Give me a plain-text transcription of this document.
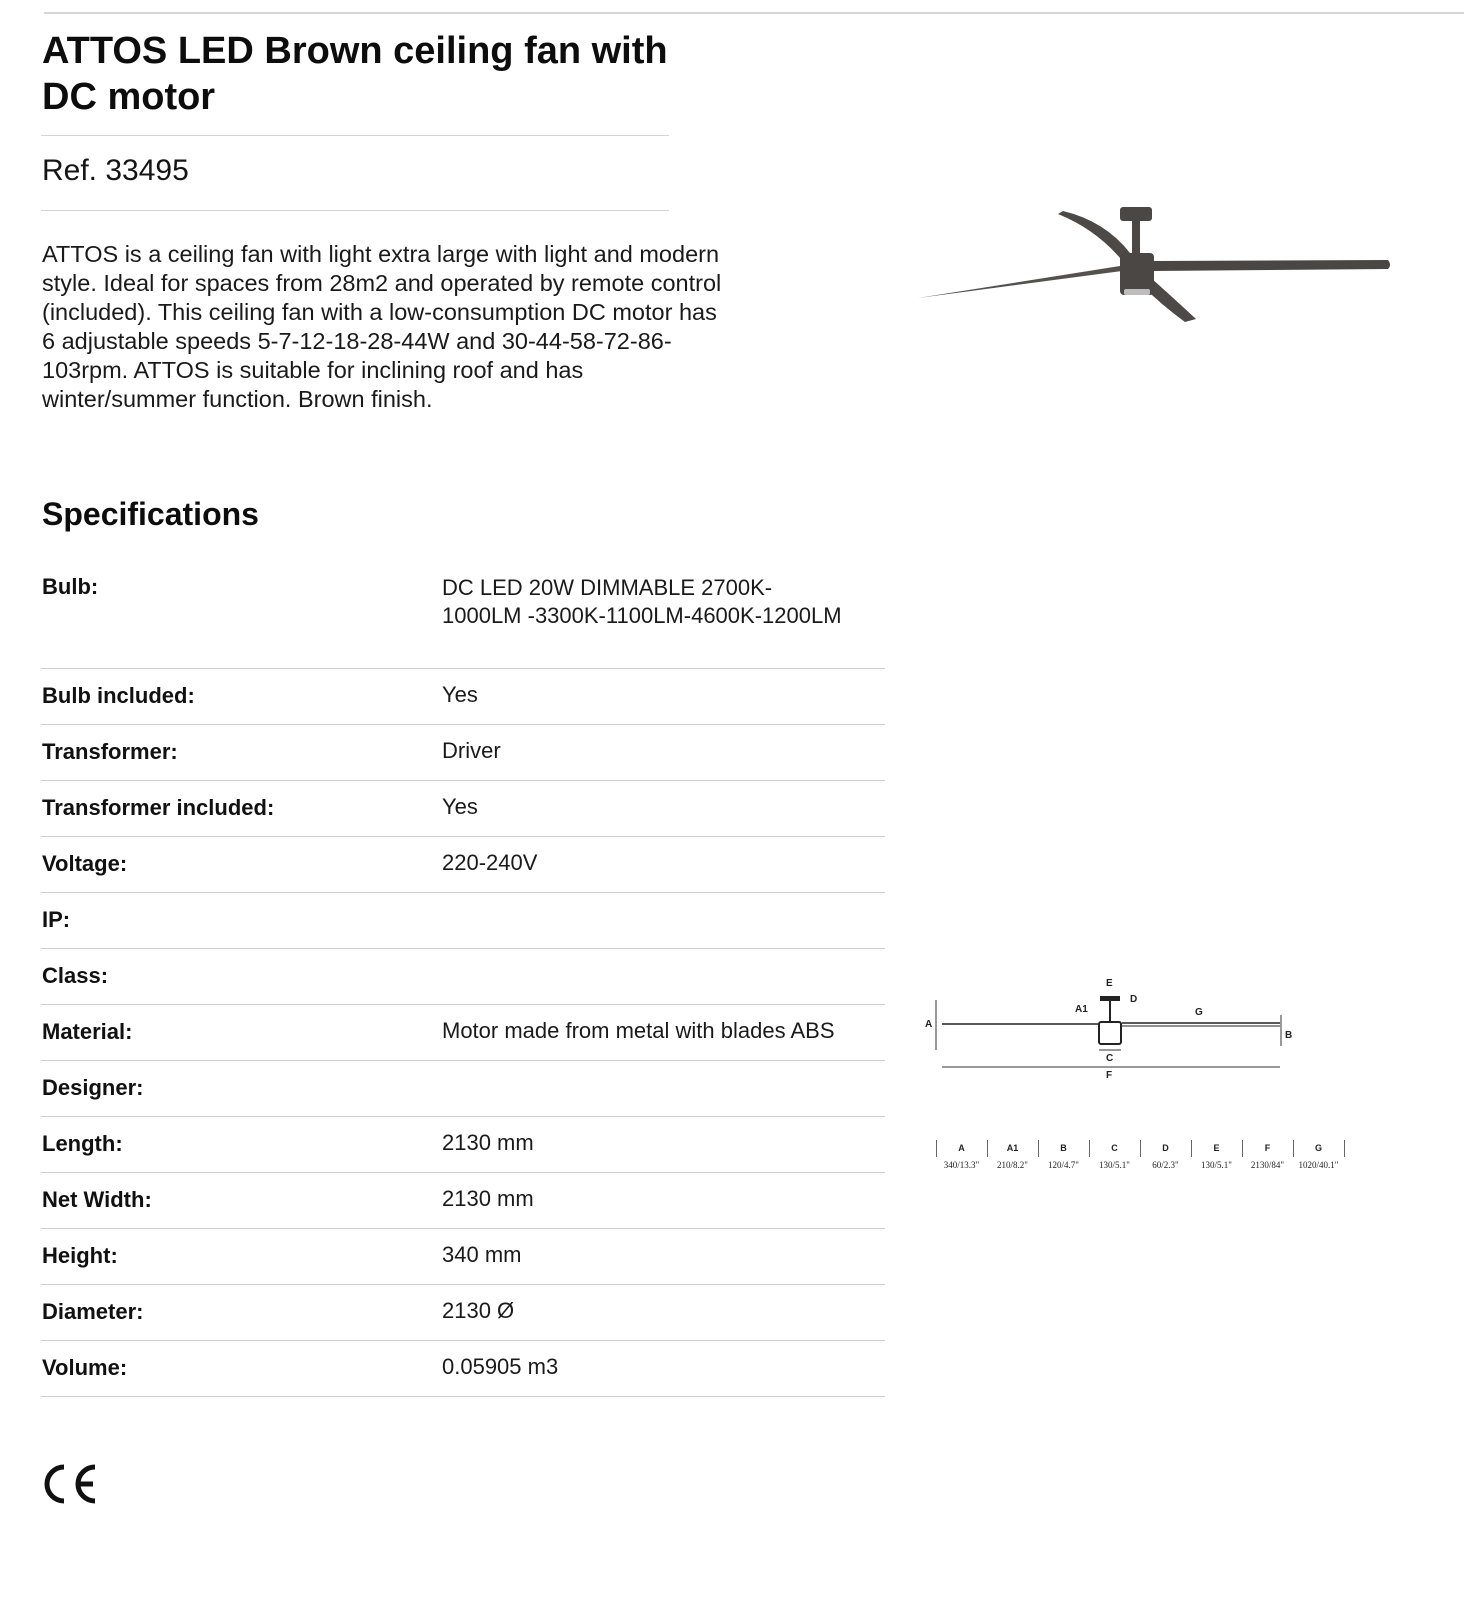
ATTOS LED Brown ceiling fan with DC motor
Ref. 33495
ATTOS is a ceiling fan with light extra large with light and modern style. Ideal for spaces from 28m2 and operated by remote control (included). This ceiling fan with a low-consumption DC motor has 6 adjustable speeds 5-7-12-18-28-44W and 30-44-58-72-86-103rpm. ATTOS is suitable for inclining roof and has winter/summer function. Brown finish.
Specifications
Bulb:	DC LED 20W DIMMABLE 2700K-1000LM -3300K-1100LM-4600K-1200LM
Bulb included:	Yes
Transformer:	Driver
Transformer included:	Yes
Voltage:	220-240V
IP:
Class:
Material:	Motor made from metal with blades ABS
Designer:
Length:	2130 mm
Net Width:	2130 mm
Height:	340 mm
Diameter:	2130 Ø
Volume:	0.05905 m3
A
B
E
D
A1	G
C
F
A
340/13.3"
A1
210/8.2"
B
120/4.7"
C
130/5.1"
D
60/2.3"
E
130/5.1"
F
2130/84"
G
1020/40.1"
